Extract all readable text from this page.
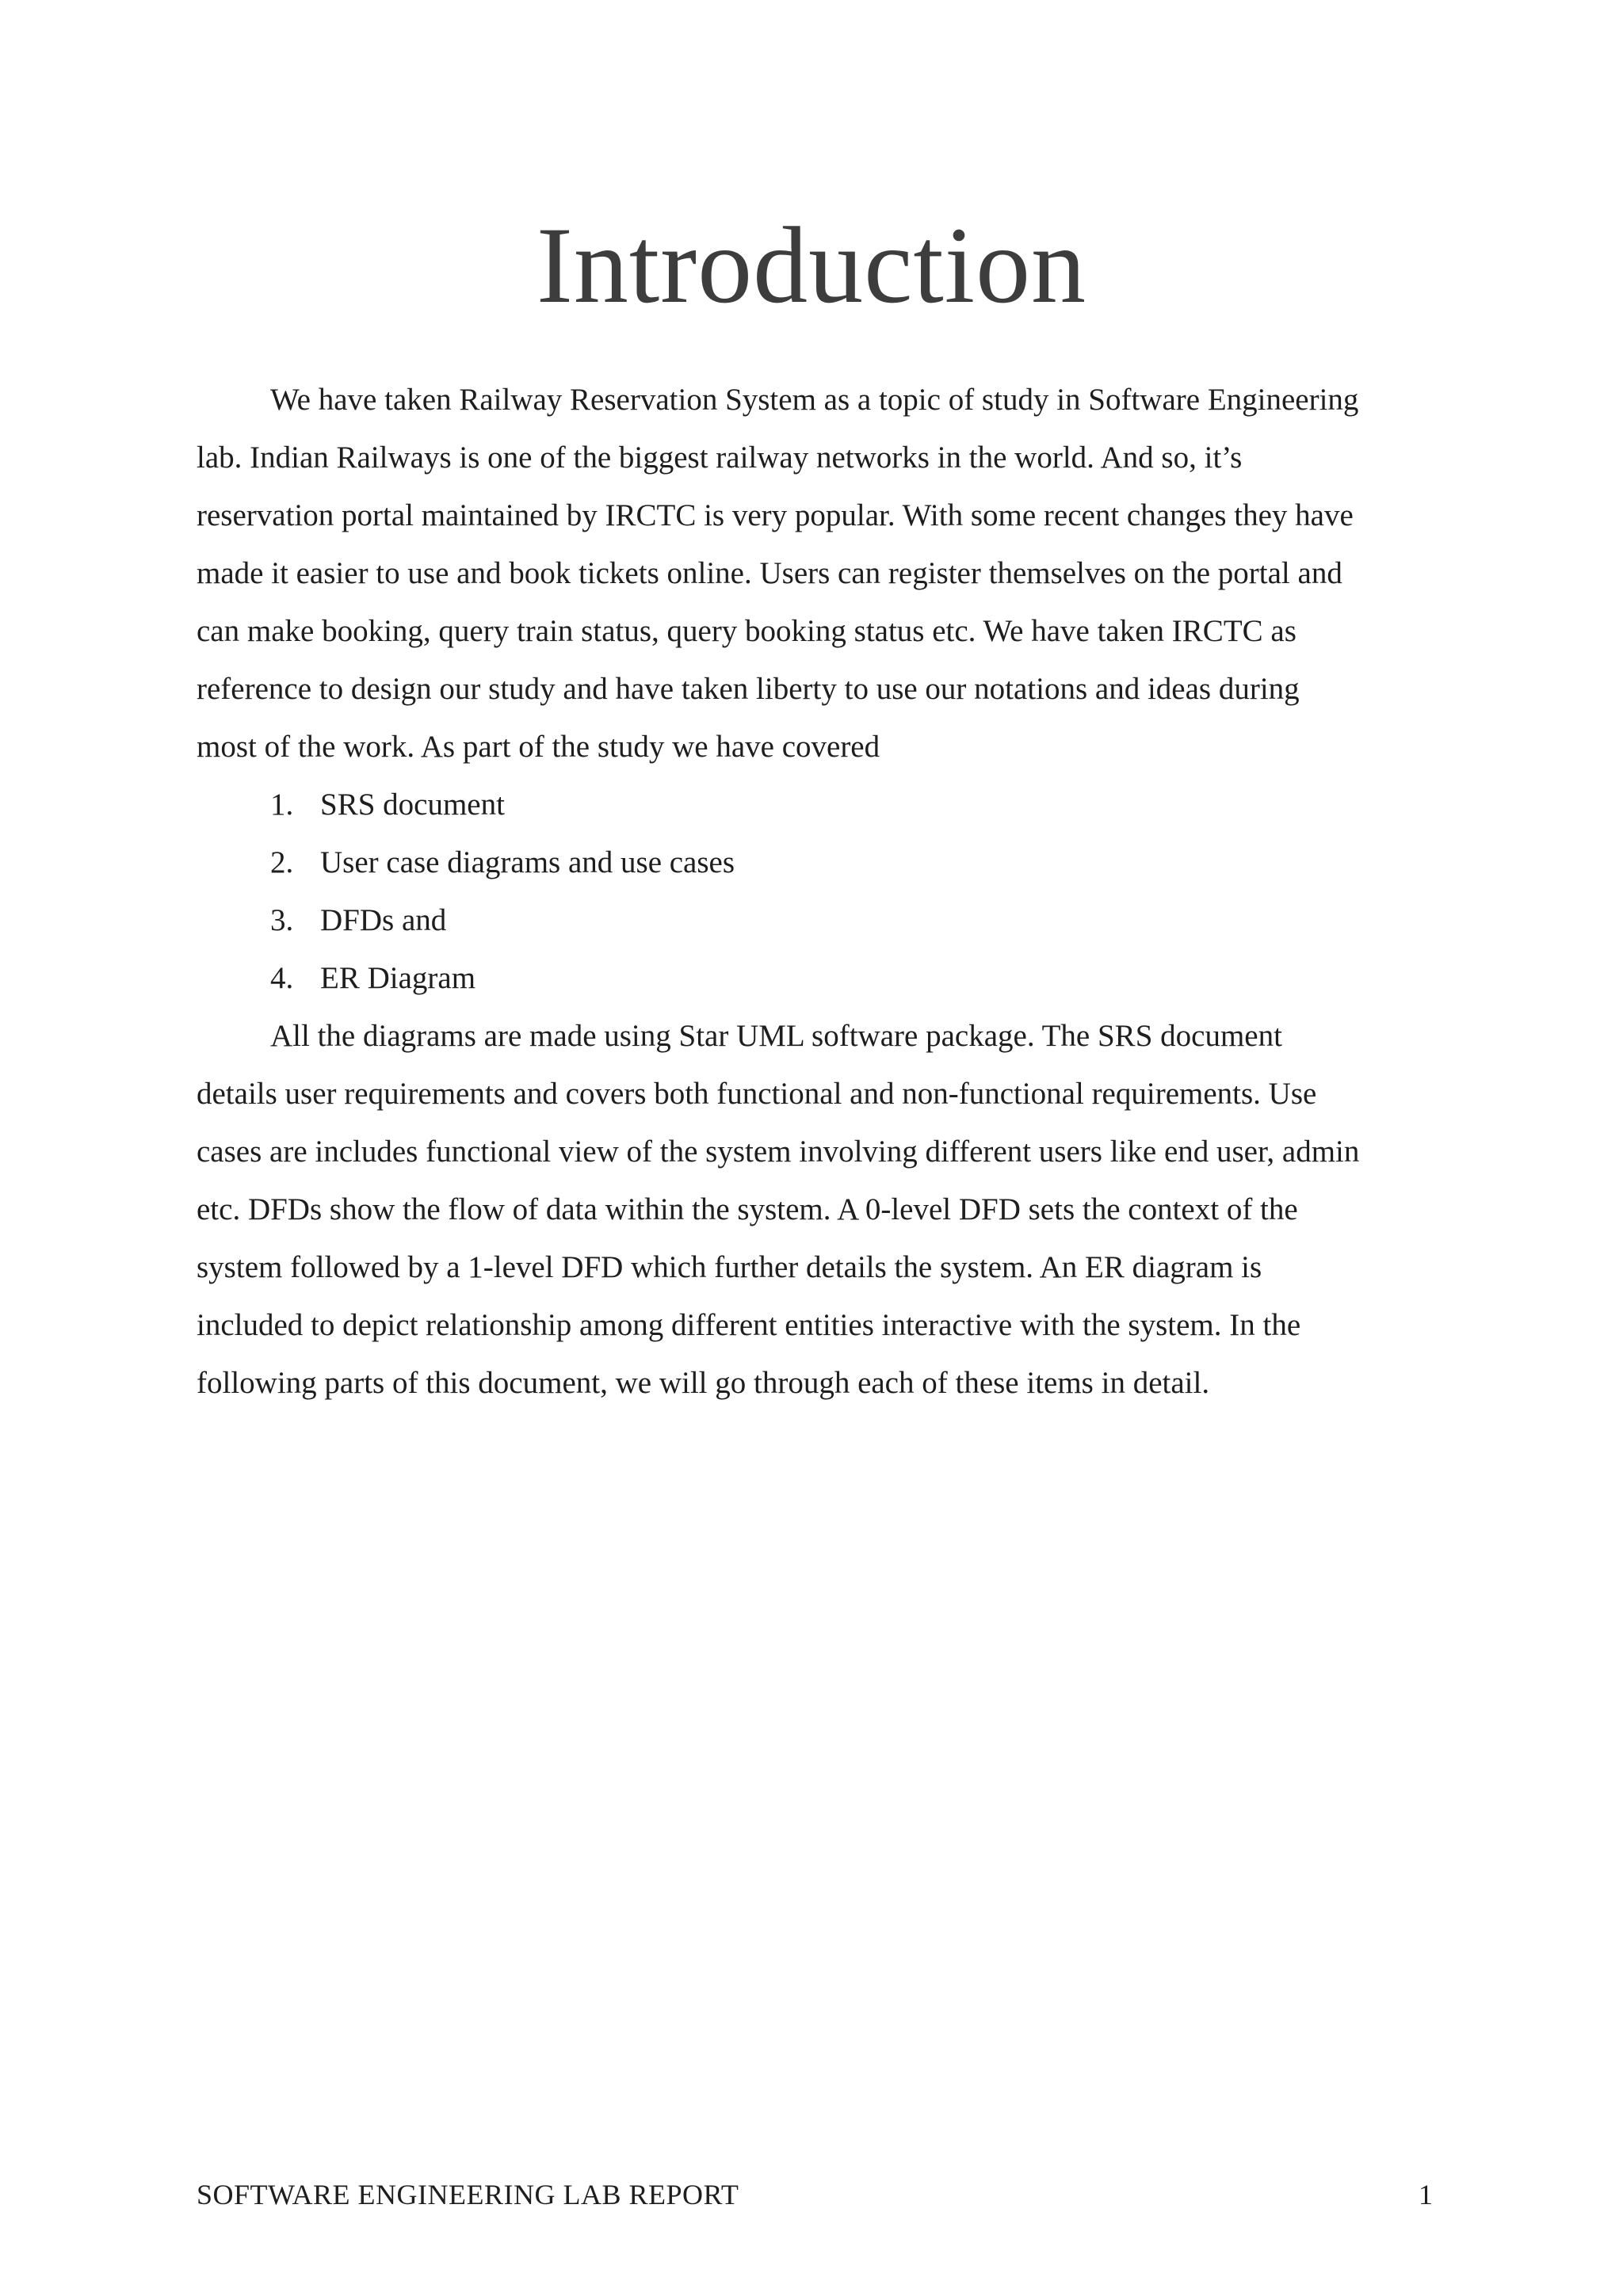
Introduction

We have taken Railway Reservation System as a topic of study in Software Engineering
lab. Indian Railways is one of the biggest railway networks in the world. And so, it’s
reservation portal maintained by IRCTC is very popular. With some recent changes they have
made it easier to use and book tickets online. Users can register themselves on the portal and
can make booking, query train status, query booking status etc. We have taken IRCTC as
reference to design our study and have taken liberty to use our notations and ideas during
most of the work. As part of the study we have covered

1. SRS document
2. User case diagrams and use cases
3. DFDs and
4. ER Diagram

All the diagrams are made using Star UML software package. The SRS document
details user requirements and covers both functional and non-functional requirements. Use
cases are includes functional view of the system involving different users like end user, admin
etc. DFDs show the flow of data within the system. A 0-level DFD sets the context of the
system followed by a 1-level DFD which further details the system. An ER diagram is
included to depict relationship among different entities interactive with the system. In the
following parts of this document, we will go through each of these items in detail.

SOFTWARE ENGINEERING LAB REPORT	1
